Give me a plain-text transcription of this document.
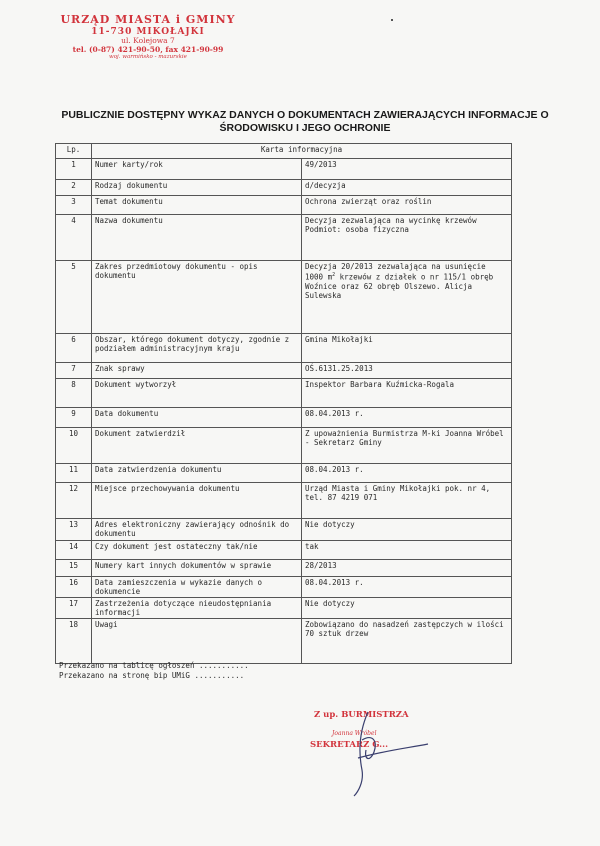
URZĄD MIASTA i GMINY
11-730 MIKOŁAJKI
ul. Kolejowa 7
tel. (0-87) 421-90-50, fax 421-90-99
woj. warmińsko - mazurskie
PUBLICZNIE DOSTĘPNY WYKAZ DANYCH O DOKUMENTACH ZAWIERAJĄCYCH INFORMACJE O ŚRODOWISKU I JEGO OCHRONIE
Lp.	Karta informacyjna	
1	Numer karty/rok	49/2013
2	Rodzaj dokumentu	d/decyzja
3	Temat dokumentu	Ochrona zwierząt oraz roślin
4	Nazwa dokumentu	Decyzja zezwalająca na wycinkę krzewów Podmiot: osoba fizyczna
5	Zakres przedmiotowy dokumentu - opis dokumentu	Decyzja 20/2013 zezwalająca na usunięcie 1000 $m^2$ krzewów z działek o nr 115/1 obręb Woźnice oraz 62 obręb Olszewo. Alicja Sulewska
6	Obszar, którego dokument dotyczy, zgodnie z podziałem administracyjnym kraju	Gmina Mikołajki
7	Znak sprawy	OŚ.6131.25.2013
8	Dokument wytworzył	Inspektor Barbara Kuźmicka-Rogala
9	Data dokumentu	08.04.2013 r.
10	Dokument zatwierdził	Z upoważnienia Burmistrza M-ki Joanna Wróbel - Sekretarz Gminy
11	Data zatwierdzenia dokumentu	08.04.2013 r.
12	Miejsce przechowywania dokumentu	Urząd Miasta i Gminy Mikołajki pok. nr 4, tel. 87 4219 071
13	Adres elektroniczny zawierający odnośnik do dokumentu	Nie dotyczy
14	Czy dokument jest ostateczny tak/nie	tak
15	Numery kart innych dokumentów w sprawie	28/2013
16	Data zamieszczenia w wykazie danych o dokumencie	08.04.2013 r.
17	Zastrzeżenia dotyczące nieudostępniania informacji	Nie dotyczy
18	Uwagi	Zobowiązano do nasadzeń zastępczych w ilości 70 sztuk drzew
Przekazano na tablicę ogłoszeń ...........
Przekazano na stronę bip UMiG ...........
Z up. BURMISTRZA
Joanna Wróbel
SEKRETARZ G...
